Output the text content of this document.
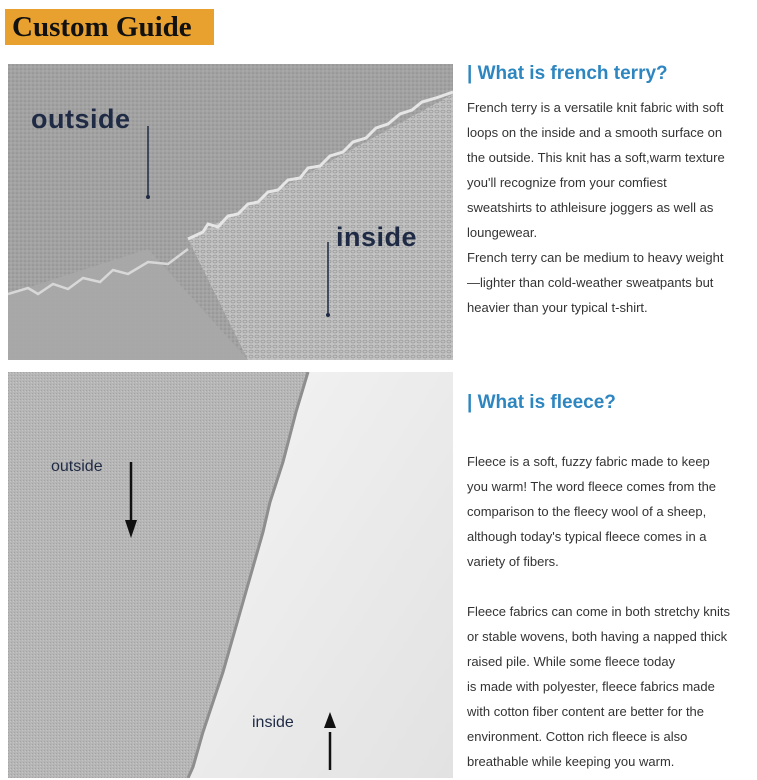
Custom Guide
outside
inside
outside
inside
| What is french terry?

French terry is a versatile knit fabric with soft

loops on the inside and a smooth surface on

the outside. This knit has a soft,warm texture

you'll recognize from your comfiest

sweatshirts to athleisure joggers as well as

loungewear.

French terry can be medium to heavy weight

—lighter than cold-weather sweatpants but

heavier than your typical t-shirt.

| What is fleece?

Fleece is a soft, fuzzy fabric made to keep

you warm! The word fleece comes from the

comparison to the fleecy wool of a sheep,

although today's typical fleece comes in a

variety of fibers.

Fleece fabrics can come in both stretchy knits

or stable wovens, both having a napped thick

raised pile. While some fleece today

is made with polyester, fleece fabrics made

with cotton fiber content are better for the

environment. Cotton rich fleece is also

breathable while keeping you warm.
